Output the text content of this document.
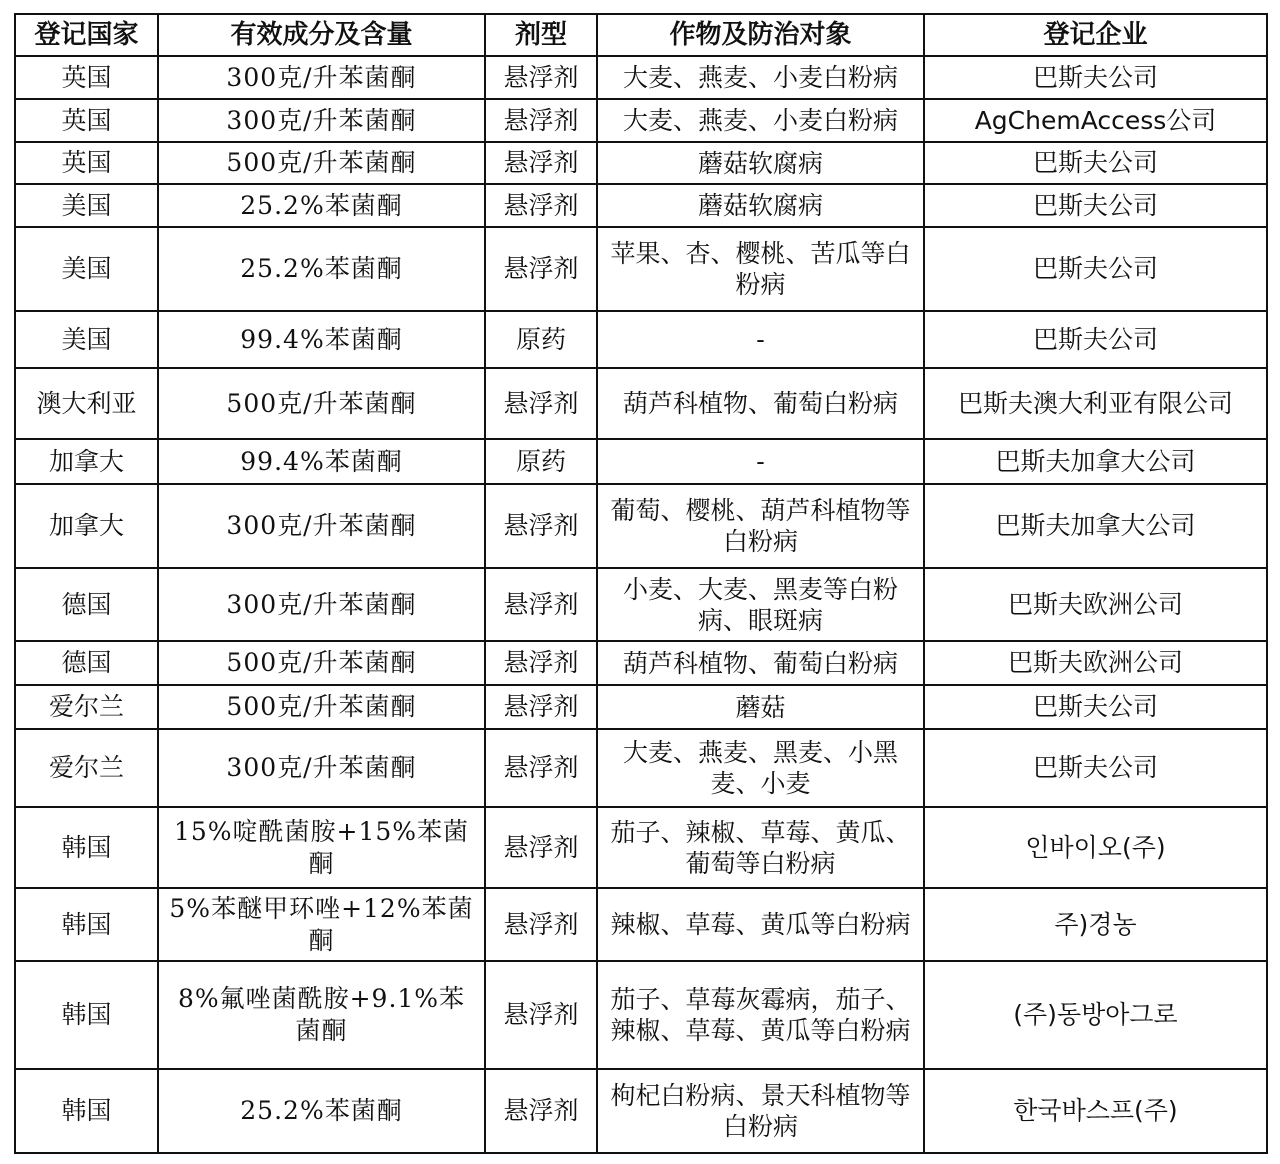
登记国家	有效成分及含量	剂型	作物及防治对象	登记企业
英国	300克/升苯菌酮	悬浮剂	大麦、燕麦、小麦白粉病	巴斯夫公司
英国	300克/升苯菌酮	悬浮剂	大麦、燕麦、小麦白粉病	AgChemAccess公司
英国	500克/升苯菌酮	悬浮剂	蘑菇软腐病	巴斯夫公司
美国	25.2%苯菌酮	悬浮剂	蘑菇软腐病	巴斯夫公司
美国	25.2%苯菌酮	悬浮剂	苹果、杏、樱桃、苦瓜等白粉病	巴斯夫公司
美国	99.4%苯菌酮	原药	-	巴斯夫公司
澳大利亚	500克/升苯菌酮	悬浮剂	葫芦科植物、葡萄白粉病	巴斯夫澳大利亚有限公司
加拿大	99.4%苯菌酮	原药	-	巴斯夫加拿大公司
加拿大	300克/升苯菌酮	悬浮剂	葡萄、樱桃、葫芦科植物等白粉病	巴斯夫加拿大公司
德国	300克/升苯菌酮	悬浮剂	小麦、大麦、黑麦等白粉病、眼斑病	巴斯夫欧洲公司
德国	500克/升苯菌酮	悬浮剂	葫芦科植物、葡萄白粉病	巴斯夫欧洲公司
爱尔兰	500克/升苯菌酮	悬浮剂	蘑菇	巴斯夫公司
爱尔兰	300克/升苯菌酮	悬浮剂	大麦、燕麦、黑麦、小黑麦、小麦	巴斯夫公司
韩国	15%啶酰菌胺+15%苯菌酮	悬浮剂	茄子、辣椒、草莓、黄瓜、葡萄等白粉病	인바이오(주)
韩国	5%苯醚甲环唑+12%苯菌酮	悬浮剂	辣椒、草莓、黄瓜等白粉病	주)경농
韩国	8%氟唑菌酰胺+9.1%苯菌酮	悬浮剂	茄子、草莓灰霉病，茄子、辣椒、草莓、黄瓜等白粉病	(주)동방아그로
韩国	25.2%苯菌酮	悬浮剂	枸杞白粉病、景天科植物等白粉病	한국바스프(주)
